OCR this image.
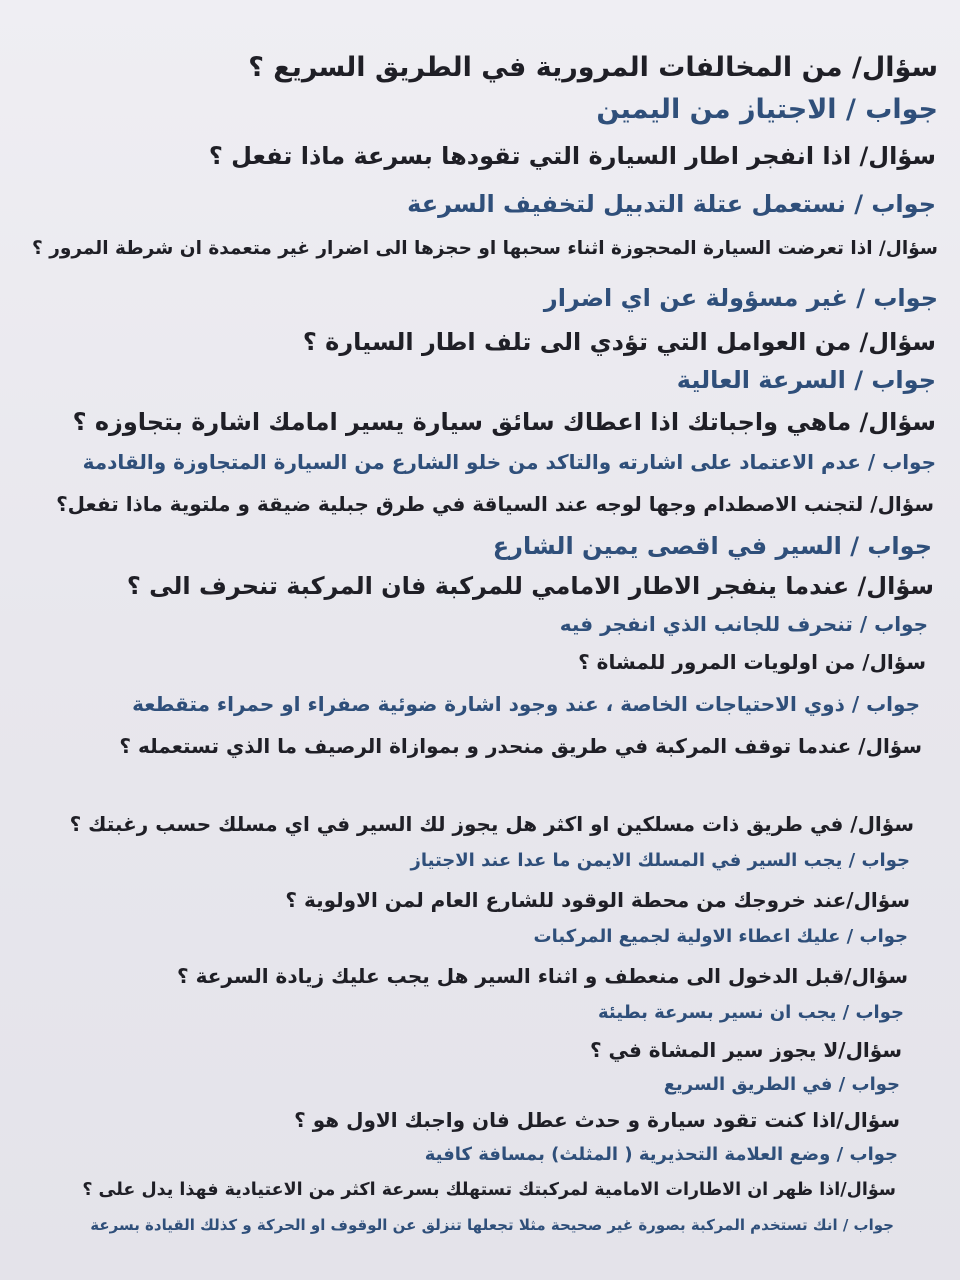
سؤال/ من المخالفات المرورية في الطريق السريع ؟
جواب / الاجتياز من اليمين
سؤال/ اذا انفجر اطار السيارة التي تقودها بسرعة ماذا تفعل ؟
جواب / نستعمل عتلة التدبيل لتخفيف السرعة
سؤال/ اذا تعرضت السيارة المحجوزة اثناء سحبها او حجزها الى اضرار غير متعمدة ان شرطة المرور ؟
جواب / غير مسؤولة عن اي اضرار
سؤال/ من العوامل التي تؤدي الى تلف اطار السيارة ؟
جواب / السرعة العالية
سؤال/ ماهي واجباتك اذا اعطاك سائق سيارة يسير امامك اشارة بتجاوزه ؟
جواب / عدم الاعتماد على اشارته والتاكد من خلو الشارع من السيارة المتجاوزة والقادمة
سؤال/ لتجنب الاصطدام وجها لوجه عند السياقة في طرق جبلية ضيقة و ملتوية ماذا تفعل؟
جواب / السير في اقصى يمين الشارع
سؤال/ عندما ينفجر الاطار الامامي للمركبة فان المركبة تنحرف الى ؟
جواب / تنحرف للجانب الذي انفجر فيه
سؤال/ من اولويات المرور للمشاة ؟
جواب / ذوي الاحتياجات الخاصة ، عند وجود اشارة ضوئية صفراء او حمراء متقطعة
سؤال/ عندما توقف المركبة في طريق منحدر و بموازاة الرصيف ما الذي تستعمله ؟
سؤال/ في طريق ذات مسلكين او اكثر هل يجوز لك السير في اي مسلك حسب رغبتك ؟
جواب / يجب السير في المسلك الايمن ما عدا عند الاجتياز
سؤال/عند خروجك من محطة الوقود للشارع العام لمن الاولوية ؟
جواب / عليك اعطاء الاولية لجميع المركبات
سؤال/قبل الدخول الى منعطف و اثناء السير هل يجب عليك زيادة السرعة ؟
جواب / يجب ان نسير بسرعة بطيئة
سؤال/لا يجوز سير المشاة في ؟
جواب / في الطريق السريع
سؤال/اذا كنت تقود سيارة و حدث عطل فان واجبك الاول هو ؟
جواب / وضع العلامة التحذيرية ( المثلث) بمسافة كافية
سؤال/اذا ظهر ان الاطارات الامامية لمركبتك تستهلك بسرعة اكثر من الاعتيادية فهذا يدل على ؟
جواب / انك تستخدم المركبة بصورة غير صحيحة مثلا تجعلها تنزلق عن الوقوف او الحركة و كذلك القيادة بسرعة
